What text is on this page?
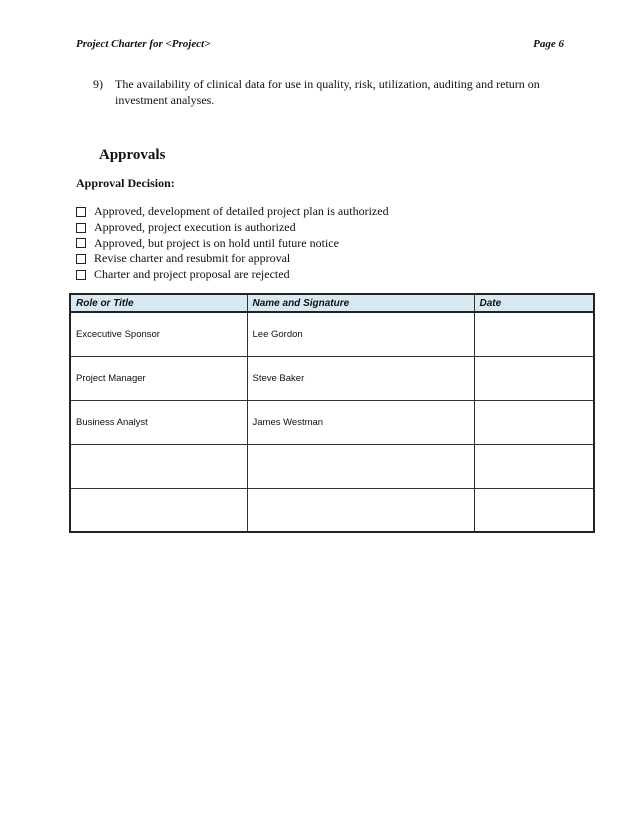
Project Charter for <Project>	Page 6
9) The availability of clinical data for use in quality, risk, utilization, auditing and return on investment analyses.
Approvals
Approval Decision:
Approved, development of detailed project plan is authorized
Approved, project execution is authorized
Approved, but project is on hold until future notice
Revise charter and resubmit for approval
Charter and project proposal are rejected
Role or Title	Name and Signature	Date
Excecutive Sponsor	Lee Gordon	
Project Manager	Steve Baker	
Business Analyst	James Westman	
